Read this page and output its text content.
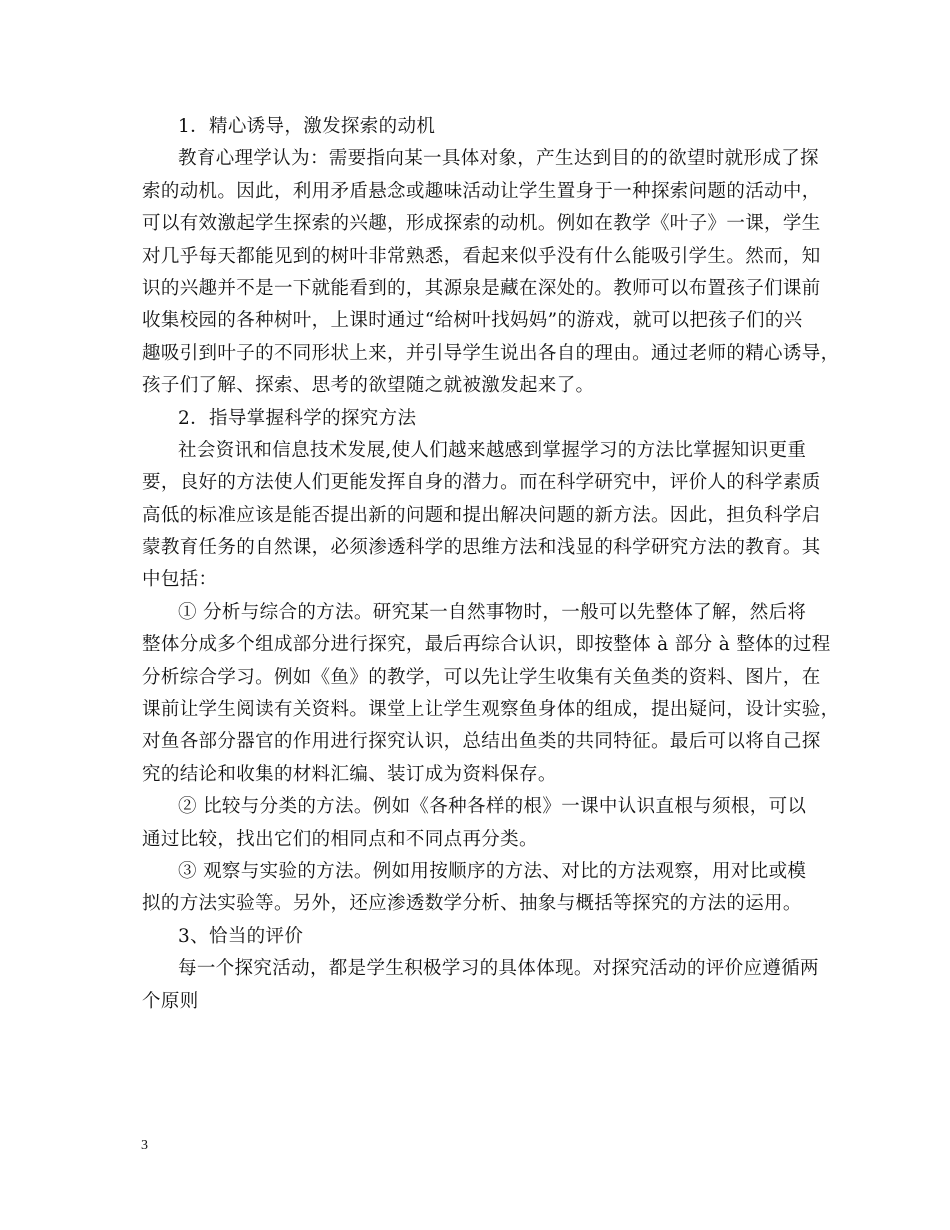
1．精心诱导，激发探索的动机
教育心理学认为：需要指向某一具体对象，产生达到目的的欲望时就形成了探
索的动机。因此，利用矛盾悬念或趣味活动让学生置身于一种探索问题的活动中，
可以有效激起学生探索的兴趣，形成探索的动机。例如在教学《叶子》一课，学生
对几乎每天都能见到的树叶非常熟悉，看起来似乎没有什么能吸引学生。然而，知
识的兴趣并不是一下就能看到的，其源泉是藏在深处的。教师可以布置孩子们课前
收集校园的各种树叶，上课时通过“给树叶找妈妈”的游戏，就可以把孩子们的兴
趣吸引到叶子的不同形状上来，并引导学生说出各自的理由。通过老师的精心诱导，
孩子们了解、探索、思考的欲望随之就被激发起来了。
2．指导掌握科学的探究方法
社会资讯和信息技术发展,使人们越来越感到掌握学习的方法比掌握知识更重
要，良好的方法使人们更能发挥自身的潜力。而在科学研究中，评价人的科学素质
高低的标准应该是能否提出新的问题和提出解决问题的新方法。因此，担负科学启
蒙教育任务的自然课，必须渗透科学的思维方法和浅显的科学研究方法的教育。其
中包括：
① 分析与综合的方法。研究某一自然事物时，一般可以先整体了解，然后将
整体分成多个组成部分进行探究，最后再综合认识，即按整体 à 部分 à 整体的过程
分析综合学习。例如《鱼》的教学，可以先让学生收集有关鱼类的资料、图片，在
课前让学生阅读有关资料。课堂上让学生观察鱼身体的组成，提出疑问，设计实验，
对鱼各部分器官的作用进行探究认识，总结出鱼类的共同特征。最后可以将自己探
究的结论和收集的材料汇编、装订成为资料保存。
② 比较与分类的方法。例如《各种各样的根》一课中认识直根与须根，可以
通过比较，找出它们的相同点和不同点再分类。
③ 观察与实验的方法。例如用按顺序的方法、对比的方法观察，用对比或模
拟的方法实验等。另外，还应渗透数学分析、抽象与概括等探究的方法的运用。
3、恰当的评价
每一个探究活动，都是学生积极学习的具体体现。对探究活动的评价应遵循两
个原则
3
